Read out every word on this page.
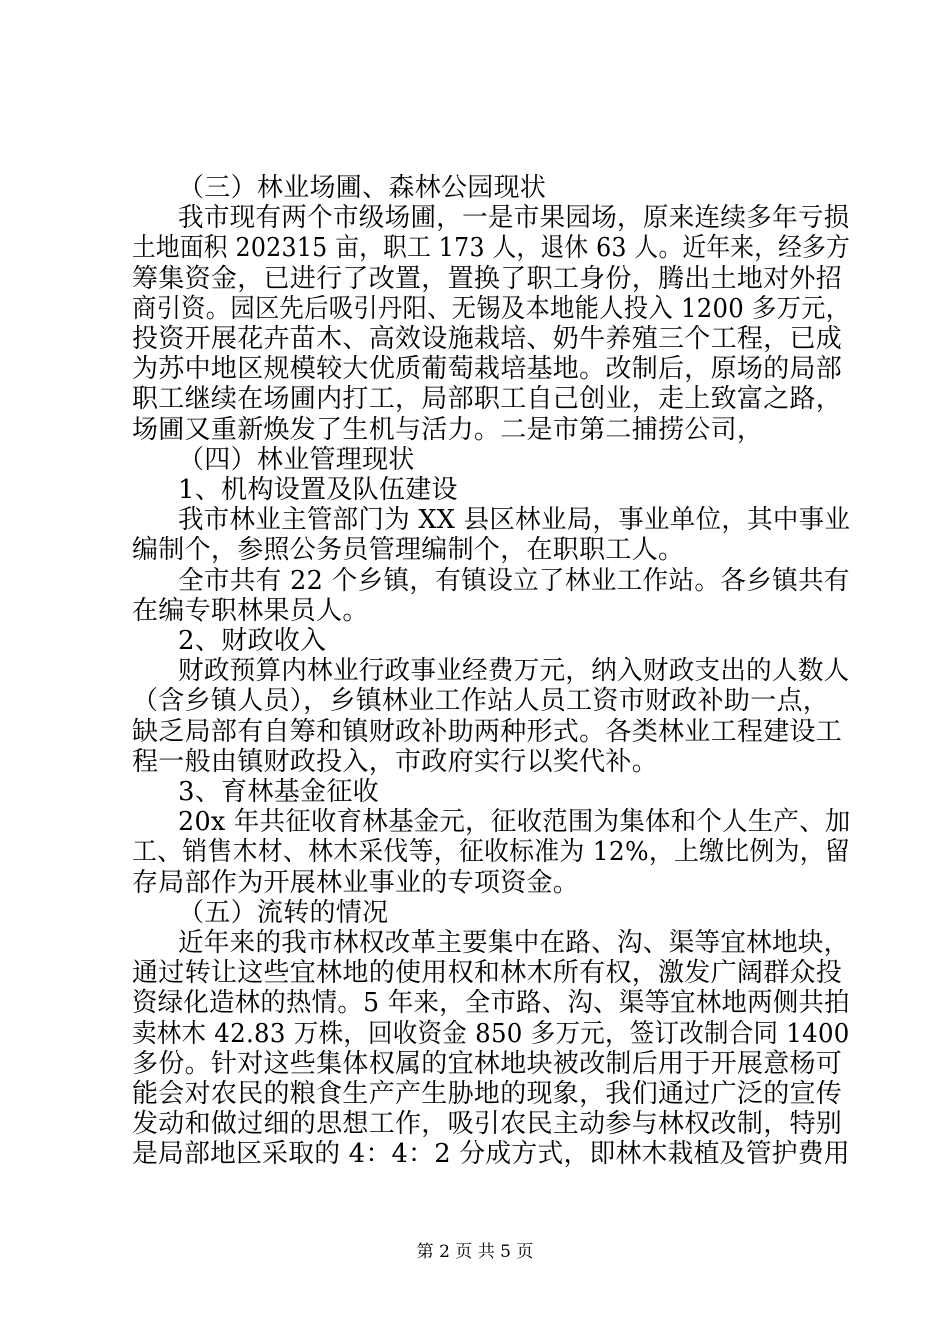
（三）林业场圃、森林公园现状
我市现有两个市级场圃，一是市果园场，原来连续多年亏损
土地面积 202315 亩，职工 173 人，退休 63 人。近年来，经多方
筹集资金，已进行了改置，置换了职工身份，腾出土地对外招
商引资。园区先后吸引丹阳、无锡及本地能人投入 1200 多万元，
投资开展花卉苗木、高效设施栽培、奶牛养殖三个工程，已成
为苏中地区规模较大优质葡萄栽培基地。改制后，原场的局部
职工继续在场圃内打工，局部职工自己创业，走上致富之路，
场圃又重新焕发了生机与活力。二是市第二捕捞公司，
（四）林业管理现状
1、机构设置及队伍建设
我市林业主管部门为 XX 县区林业局，事业单位，其中事业
编制个，参照公务员管理编制个，在职职工人。
全市共有 22 个乡镇，有镇设立了林业工作站。各乡镇共有
在编专职林果员人。
2、财政收入
财政预算内林业行政事业经费万元，纳入财政支出的人数人
（含乡镇人员），乡镇林业工作站人员工资市财政补助一点，
缺乏局部有自筹和镇财政补助两种形式。各类林业工程建设工
程一般由镇财政投入，市政府实行以奖代补。
3、育林基金征收
20x 年共征收育林基金元，征收范围为集体和个人生产、加
工、销售木材、林木采伐等，征收标准为 12%，上缴比例为，留
存局部作为开展林业事业的专项资金。
（五）流转的情况
近年来的我市林权改革主要集中在路、沟、渠等宜林地块，
通过转让这些宜林地的使用权和林木所有权，激发广阔群众投
资绿化造林的热情。5 年来，全市路、沟、渠等宜林地两侧共拍
卖林木 42.83 万株，回收资金 850 多万元，签订改制合同 1400
多份。针对这些集体权属的宜林地块被改制后用于开展意杨可
能会对农民的粮食生产产生胁地的现象，我们通过广泛的宣传
发动和做过细的思想工作，吸引农民主动参与林权改制，特别
是局部地区采取的 4：4：2 分成方式，即林木栽植及管护费用
第 2 页 共 5 页
